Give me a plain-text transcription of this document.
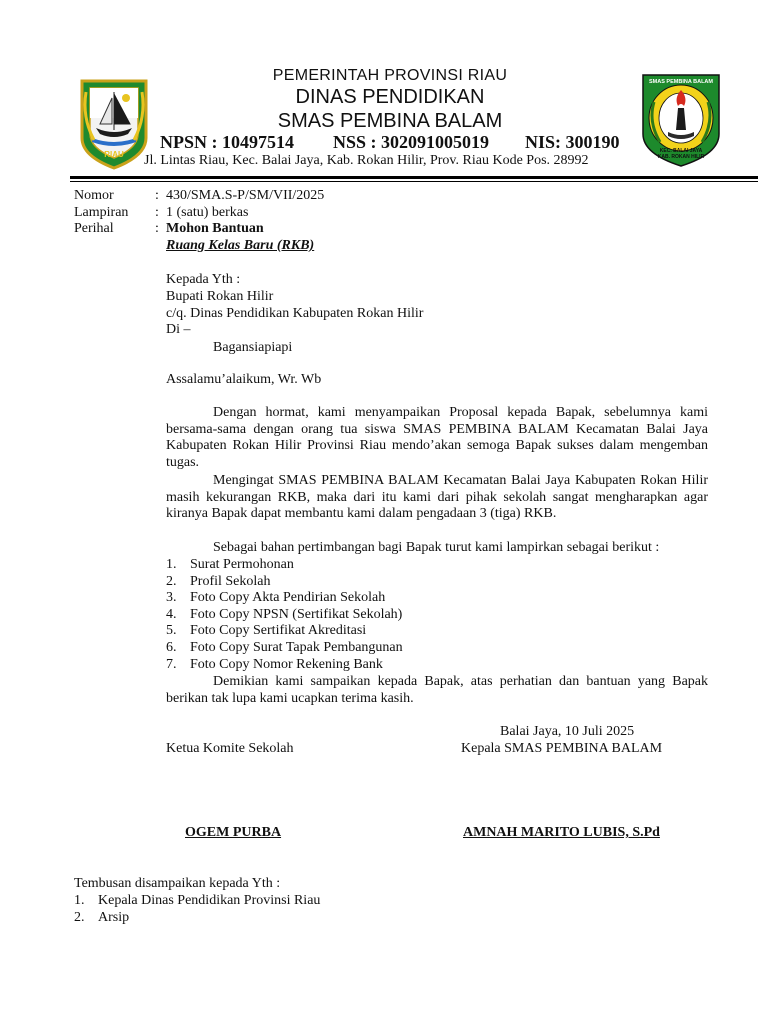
RIAU
SMAS PEMBINA BALAM
KEC. BALAI JAYA
KAB. ROKAN HILIR
PEMERINTAH PROVINSI RIAU
DINAS PENDIDIKAN
SMAS PEMBINA BALAM
NPSN : 10497514 NSS : 302091005019 NIS: 300190
Jl. Lintas Riau, Kec. Balai Jaya, Kab. Rokan Hilir, Prov. Riau Kode Pos. 28992
Nomor	: 430/SMA.S-P/SM/VII/2025
Lampiran : 1 (satu) berkas
Perihal	: Mohon Bantuan
Ruang Kelas Baru (RKB)
Kepada Yth :
Bupati Rokan Hilir
c/q. Dinas Pendidikan Kabupaten Rokan Hilir
Di –
Bagansiapiapi
Assalamu’alaikum, Wr. Wb
Dengan hormat, kami menyampaikan Proposal kepada Bapak, sebelumnya kami bersama-sama dengan orang tua siswa SMAS PEMBINA BALAM Kecamatan Balai Jaya Kabupaten Rokan Hilir Provinsi Riau mendo’akan semoga Bapak sukses dalam mengemban tugas.
Mengingat SMAS PEMBINA BALAM Kecamatan Balai Jaya Kabupaten Rokan Hilir masih kekurangan RKB, maka dari itu kami dari pihak sekolah sangat mengharapkan agar kiranya Bapak dapat membantu kami dalam pengadaan 3 (tiga) RKB.
Sebagai bahan pertimbangan bagi Bapak turut kami lampirkan sebagai berikut :
1. Surat Permohonan
2. Profil Sekolah
3. Foto Copy Akta Pendirian Sekolah
4. Foto Copy NPSN (Sertifikat Sekolah)
5. Foto Copy Sertifikat Akreditasi
6. Foto Copy Surat Tapak Pembangunan
7. Foto Copy Nomor Rekening Bank
Demikian kami sampaikan kepada Bapak, atas perhatian dan bantuan yang Bapak berikan tak lupa kami ucapkan terima kasih.
Balai Jaya, 10 Juli 2025
Ketua Komite Sekolah	Kepala SMAS PEMBINA BALAM
OGEM PURBA	AMNAH MARITO LUBIS, S.Pd
Tembusan disampaikan kepada Yth :
1. Kepala Dinas Pendidikan Provinsi Riau
2. Arsip
